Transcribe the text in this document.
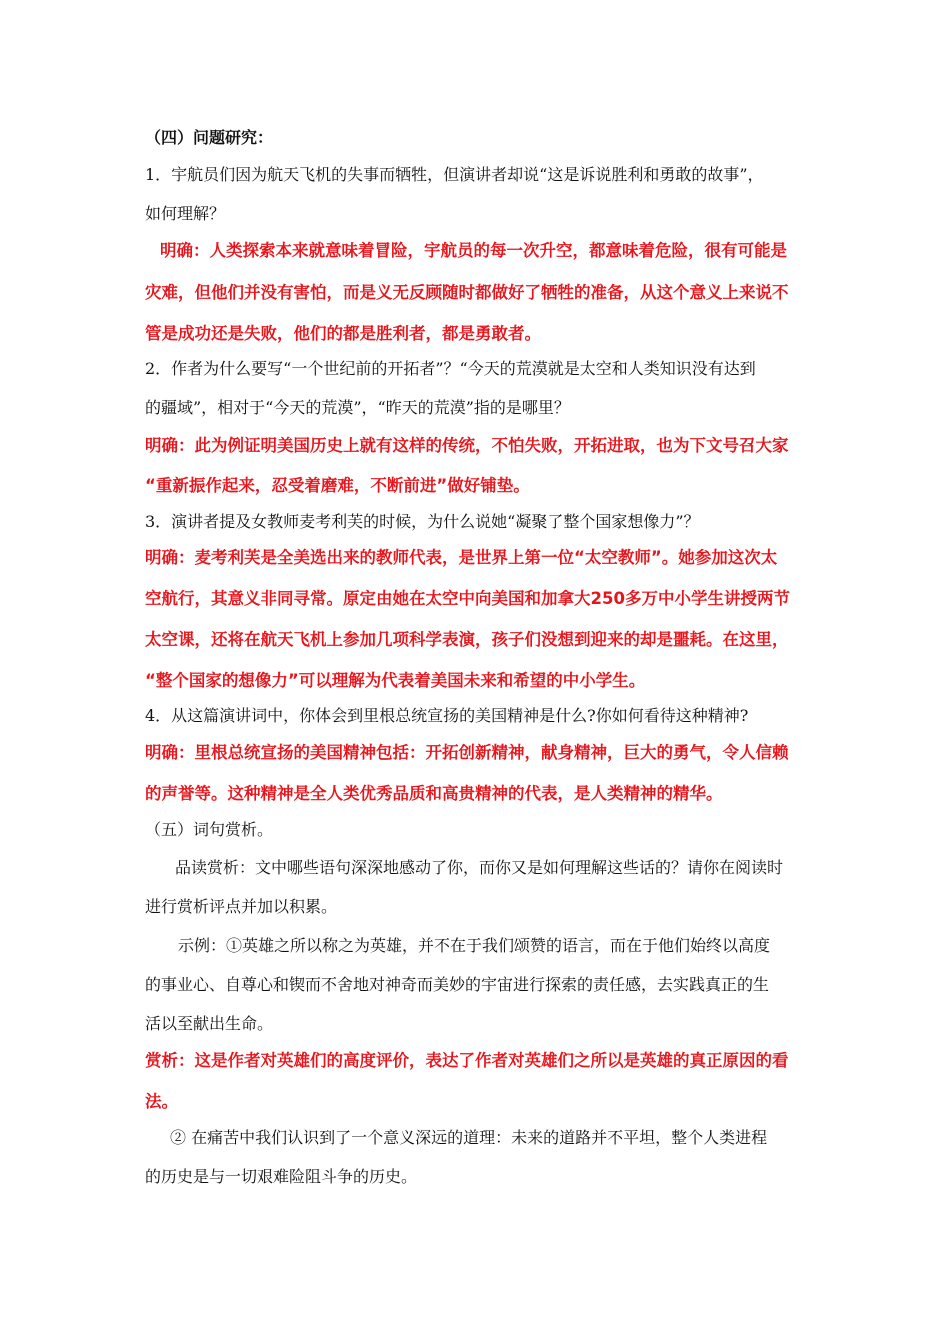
（四）问题研究：
1．宇航员们因为航天飞机的失事而牺牲，但演讲者却说“这是诉说胜利和勇敢的故事”，
如何理解？
明确：人类探索本来就意味着冒险，宇航员的每一次升空，都意味着危险，很有可能是
灾难，但他们并没有害怕，而是义无反顾随时都做好了牺牲的准备，从这个意义上来说不
管是成功还是失败，他们的都是胜利者，都是勇敢者。
2．作者为什么要写“一个世纪前的开拓者”？“今天的荒漠就是太空和人类知识没有达到
的疆域”，相对于“今天的荒漠”，“昨天的荒漠”指的是哪里？
明确：此为例证明美国历史上就有这样的传统，不怕失败，开拓进取，也为下文号召大家
“重新振作起来，忍受着磨难，不断前进”做好铺垫。
3．演讲者提及女教师麦考利芙的时候，为什么说她“凝聚了整个国家想像力”？
明确：麦考利芙是全美选出来的教师代表，是世界上第一位“太空教师”。她参加这次太
空航行，其意义非同寻常。原定由她在太空中向美国和加拿大250多万中小学生讲授两节
太空课，还将在航天飞机上参加几项科学表演，孩子们没想到迎来的却是噩耗。在这里，
“整个国家的想像力”可以理解为代表着美国未来和希望的中小学生。
4．从这篇演讲词中，你体会到里根总统宣扬的美国精神是什么?你如何看待这种精神?
明确：里根总统宣扬的美国精神包括：开拓创新精神，献身精神，巨大的勇气，令人信赖
的声誉等。这种精神是全人类优秀品质和高贵精神的代表，是人类精神的精华。
（五）词句赏析。
品读赏析：文中哪些语句深深地感动了你，而你又是如何理解这些话的？请你在阅读时
进行赏析评点并加以积累。
示例：①英雄之所以称之为英雄，并不在于我们颂赞的语言，而在于他们始终以高度
的事业心、自尊心和锲而不舍地对神奇而美妙的宇宙进行探索的责任感，去实践真正的生
活以至献出生命。
赏析：这是作者对英雄们的高度评价，表达了作者对英雄们之所以是英雄的真正原因的看
法。
② 在痛苦中我们认识到了一个意义深远的道理：未来的道路并不平坦，整个人类进程
的历史是与一切艰难险阻斗争的历史。
